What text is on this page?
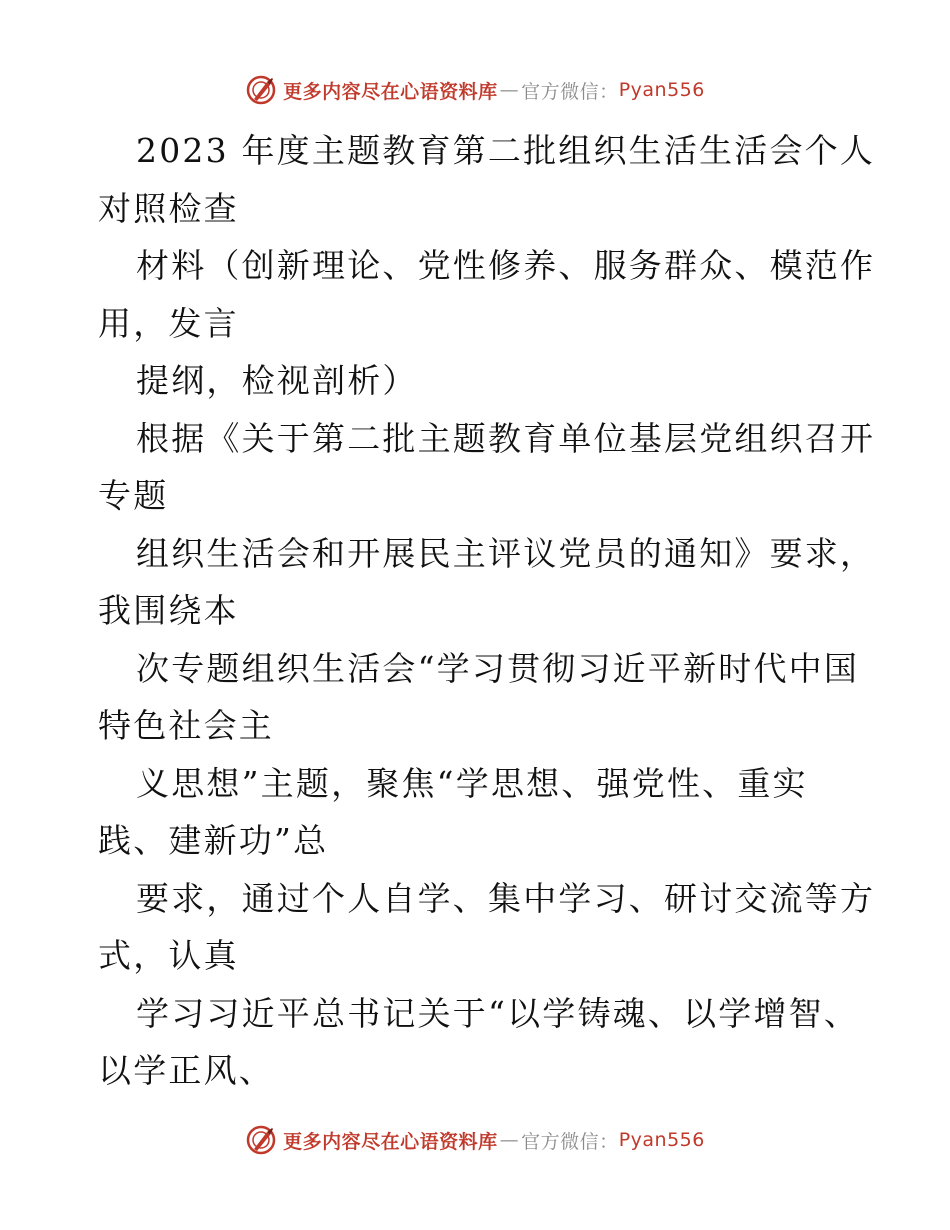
更多内容尽在心语资料库 — 官方微信： Pyan556
2023 年度主题教育第二批组织生活生活会个人
对照检查
材料（创新理论、党性修养、服务群众、模范作
用，发言
提纲，检视剖析）
根据《关于第二批主题教育单位基层党组织召开
专题
组织生活会和开展民主评议党员的通知》要求，
我围绕本
次专题组织生活会“学习贯彻习近平新时代中国
特色社会主
义思想”主题，聚焦“学思想、强党性、重实
践、建新功”总
要求，通过个人自学、集中学习、研讨交流等方
式，认真
学习习近平总书记关于“以学铸魂、以学增智、
以学正风、
更多内容尽在心语资料库 — 官方微信： Pyan556
